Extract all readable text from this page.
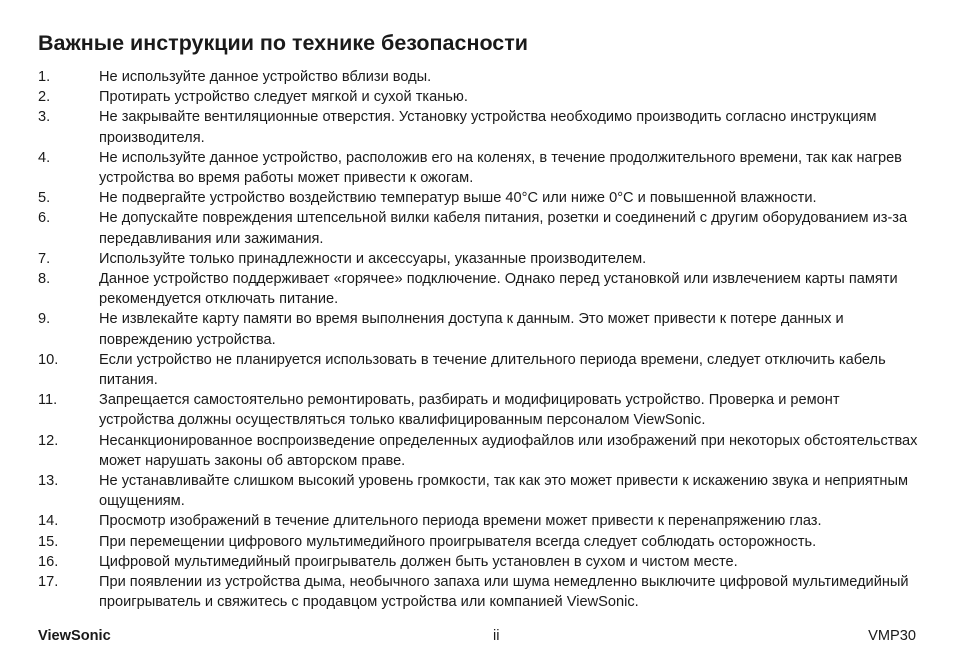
Важные инструкции по технике безопасности
1.	Не используйте данное устройство вблизи воды.
2.	Протирать устройство следует мягкой и сухой тканью.
3.	Не закрывайте вентиляционные отверстия. Установку устройства необходимо производить согласно инструкциям производителя.
4.	Не используйте данное устройство, расположив его на коленях, в течение продолжительного времени, так как нагрев устройства во время работы может привести к ожогам.
5.	Не подвергайте устройство воздействию температур выше 40°C или ниже 0°C и повышенной влажности.
6.	Не допускайте повреждения штепсельной вилки кабеля питания, розетки и соединений с другим оборудованием из-за передавливания или зажимания.
7.	Используйте только принадлежности и аксессуары, указанные производителем.
8.	Данное устройство поддерживает «горячее» подключение. Однако перед установкой или извлечением карты памяти рекомендуется отключать питание.
9.	Не извлекайте карту памяти во время выполнения доступа к данным. Это может привести к потере данных и повреждению устройства.
10.	Если устройство не планируется использовать в течение длительного периода времени, следует отключить кабель питания.
11.	Запрещается самостоятельно ремонтировать, разбирать и модифицировать устройство. Проверка и ремонт устройства должны осуществляться только квалифицированным персоналом ViewSonic.
12.	Несанкционированное воспроизведение определенных аудиофайлов или изображений при некоторых обстоятельствах может нарушать законы об авторском праве.
13.	Не устанавливайте слишком высокий уровень громкости, так как это может привести к искажению звука и неприятным ощущениям.
14.	Просмотр изображений в течение длительного периода времени может привести к перенапряжению глаз.
15.	При перемещении цифрового мультимедийного проигрывателя всегда следует соблюдать осторожность.
16.	Цифровой мультимедийный проигрыватель должен быть установлен в сухом и чистом месте.
17.	При появлении из устройства дыма, необычного запаха или шума немедленно выключите цифровой мультимедийный проигрыватель и свяжитесь с продавцом устройства или компанией ViewSonic.
ViewSonic	ii	VMP30
